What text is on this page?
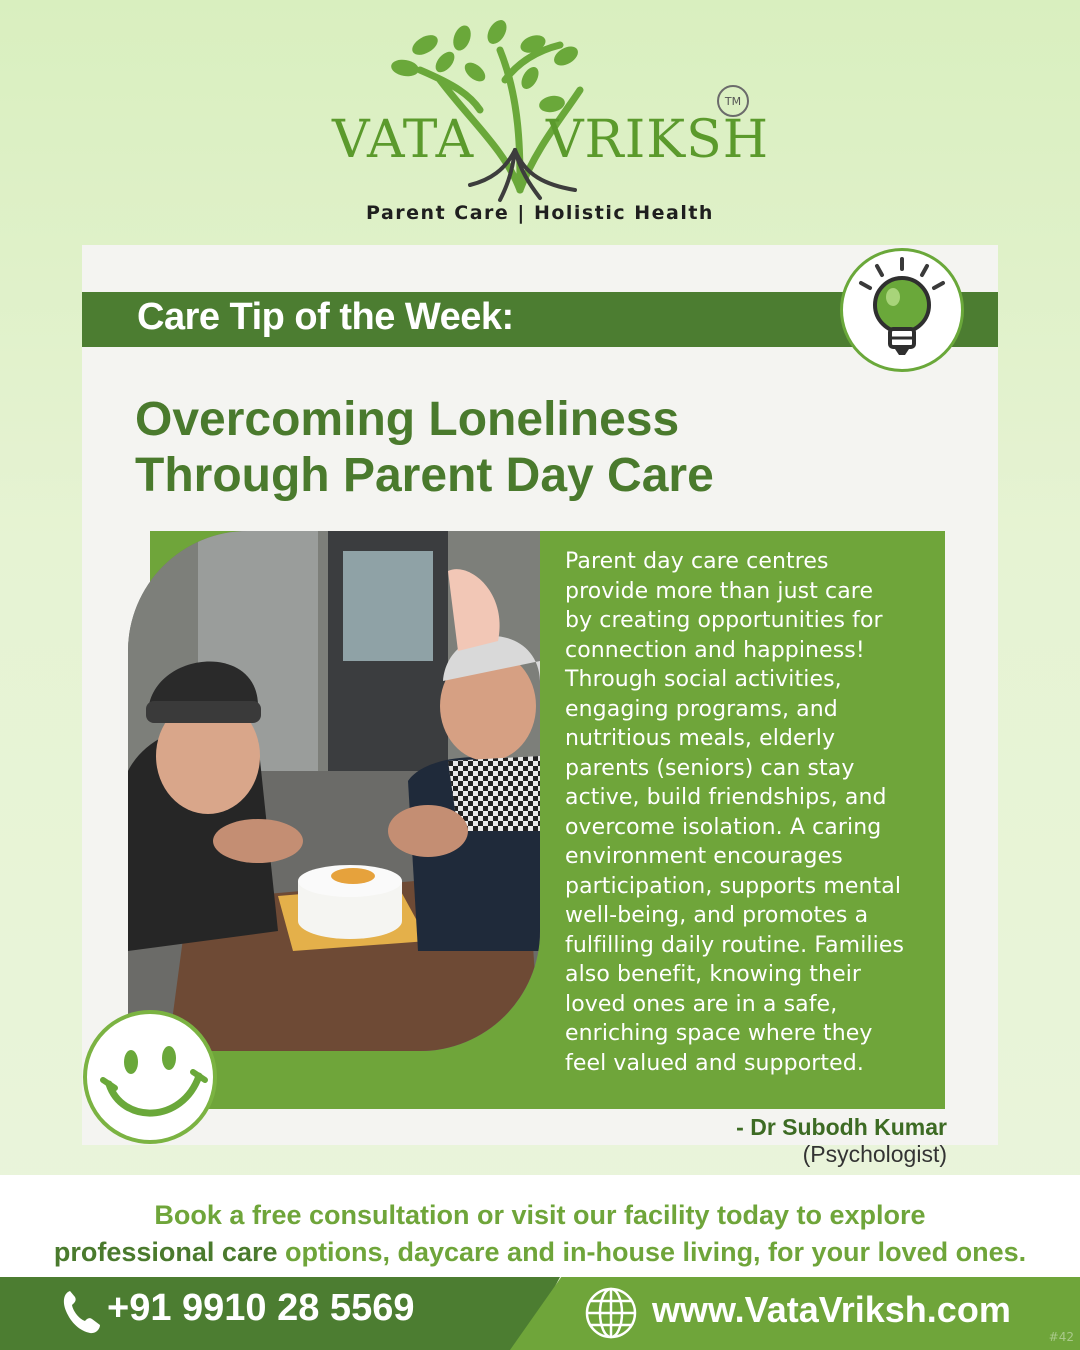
VATA VRIKSH
TM
Parent Care | Holistic Health
Care Tip of the Week:
Overcoming Loneliness
Through Parent Day Care
Parent day care centres
provide more than just care
by creating opportunities for
connection and happiness!
Through social activities,
engaging programs, and
nutritious meals, elderly
parents (seniors) can stay
active, build friendships, and
overcome isolation. A caring
environment encourages
participation, supports mental
well-being, and promotes a
fulfilling daily routine. Families
also benefit, knowing their
loved ones are in a safe,
enriching space where they
feel valued and supported.
- Dr Subodh Kumar
(Psychologist)
Book a free consultation or visit our facility today to explore
professional care options, daycare and in-house living, for your loved ones.
+91 9910 28 5569	www.VataVriksh.com
#42
